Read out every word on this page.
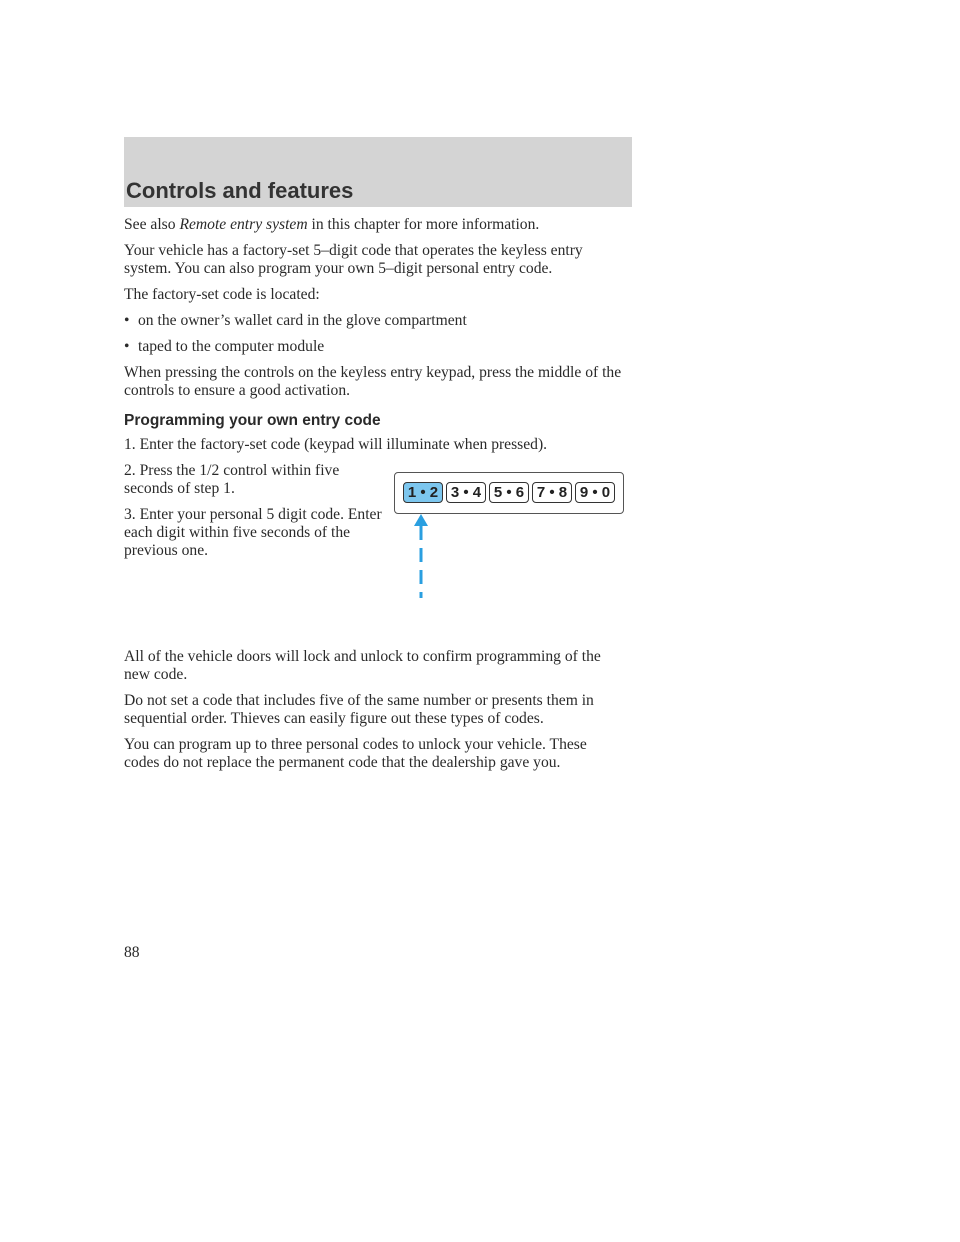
Controls and features

See also Remote entry system in this chapter for more information.

Your vehicle has a factory-set 5–digit code that operates the keyless entry system. You can also program your own 5–digit personal entry code.

The factory-set code is located:

• on the owner’s wallet card in the glove compartment

• taped to the computer module

When pressing the controls on the keyless entry keypad, press the middle of the controls to ensure a good activation.

Programming your own entry code

1. Enter the factory-set code (keypad will illuminate when pressed).

2. Press the 1/2 control within five seconds of step 1.

3. Enter your personal 5 digit code. Enter each digit within five seconds of the previous one.

1 • 2 3 • 4 5 • 6 7 • 8 9 • 0

All of the vehicle doors will lock and unlock to confirm programming of the new code.

Do not set a code that includes five of the same number or presents them in sequential order. Thieves can easily figure out these types of codes.

You can program up to three personal codes to unlock your vehicle. These codes do not replace the permanent code that the dealership gave you.

88
